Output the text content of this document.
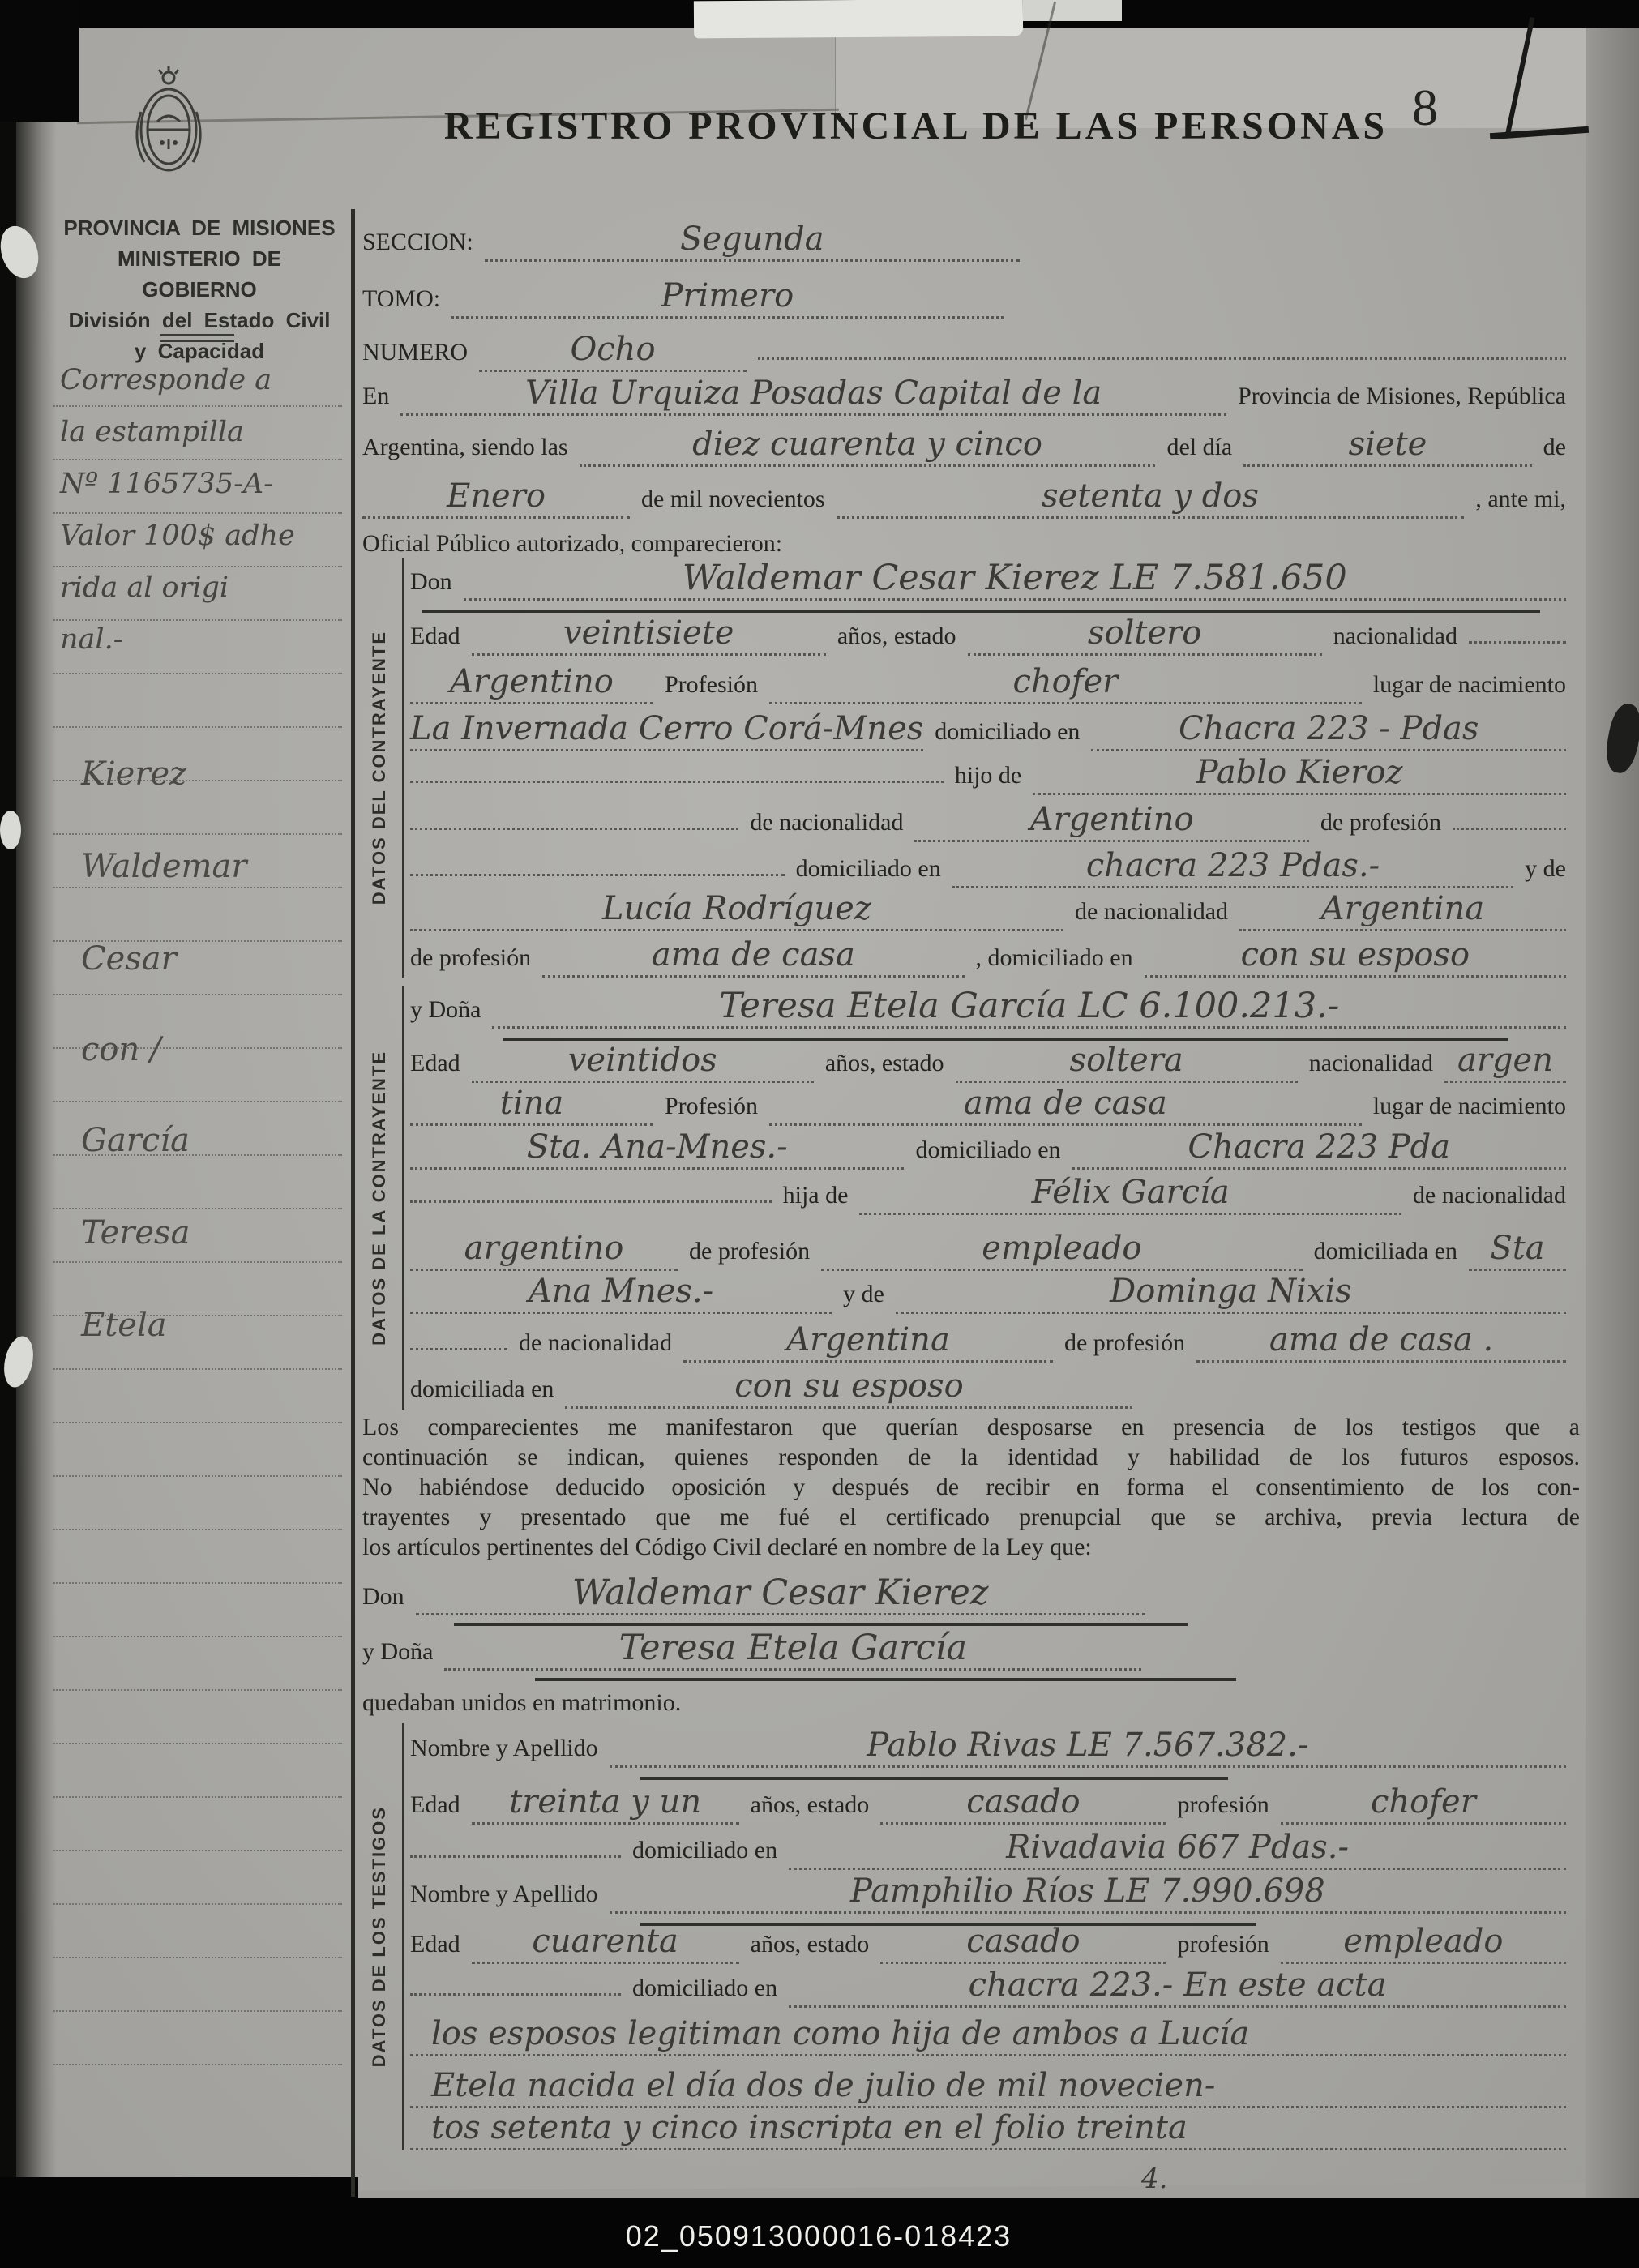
REGISTRO PROVINCIAL DE LAS PERSONAS 8
PROVINCIA DE MISIONES
MINISTERIO DE GOBIERNO
División del Estado Civil
y Capacidad
Corresponde a
la estampilla
Nº 1165735-A-
Valor 100$ adhe
rida al origi
nal.-
Kierez
Waldemar
Cesar
con /
García
Teresa
Etela
DATOS DEL CONTRAYENTE
DATOS DE LA CONTRAYENTE
DATOS DE LOS TESTIGOS
SECCION:	Segunda
TOMO:	Primero
NUMERO	Ocho
En	Villa Urquiza Posadas Capital de la	Provincia de Misiones, República
Argentina, siendo las	diez cuarenta y cinco	del día	siete	de
Enero	de mil novecientos	setenta y dos	, ante mi,
Oficial Público autorizado, comparecieron:
Don	Waldemar Cesar Kierez LE 7.581.650
Edad	veintisiete	años, estado	soltero	nacionalidad
Argentino	Profesión	chofer	lugar de nacimiento
La Invernada Cerro Corá-Mnes domiciliado en	Chacra 223 - Pdas
hijo de	Pablo Kieroz
de nacionalidad	Argentino	de profesión
domiciliado en	chacra 223 Pdas.-	y de
Lucía Rodríguez	de nacionalidad	Argentina
de profesión	ama de casa	, domiciliado en	con su esposo
y Doña	Teresa Etela García LC 6.100.213.-
Edad	veintidos	años, estado	soltera	nacionalidad argen
tina	Profesión	ama de casa	lugar de nacimiento
Sta. Ana-Mnes.-	domiciliado en	Chacra 223 Pda
hija de	Félix García	de nacionalidad
argentino	de profesión	empleado	domiciliada en	Sta
Ana Mnes.-	y de	Dominga Nixis
de nacionalidad	Argentina	de profesión	ama de casa .
domiciliada en	con su esposo
Los comparecientes me manifestaron que querían desposarse en presencia de los testigos que a
continuación se indican, quienes responden de la identidad y habilidad de los futuros esposos.
No habiéndose deducido oposición y después de recibir en forma el consentimiento de los con-
trayentes y presentado que me fué el certificado prenupcial que se archiva, previa lectura de
los artículos pertinentes del Código Civil declaré en nombre de la Ley que:
Don	Waldemar Cesar Kierez
y Doña	Teresa Etela García
quedaban unidos en matrimonio.
Nombre y Apellido	Pablo Rivas LE 7.567.382.-
Edad	treinta y un	años, estado	casado	profesión	chofer
domiciliado en	Rivadavia 667 Pdas.-
Nombre y Apellido	Pamphilio Ríos LE 7.990.698
Edad	cuarenta	años, estado	casado	profesión	empleado
domiciliado en	chacra 223.- En este acta
los esposos legitiman como hija de ambos a Lucía
Etela nacida el día dos de julio de mil novecien-
tos setenta y cinco inscripta en el folio treinta
4.
02_050913000016-018423
